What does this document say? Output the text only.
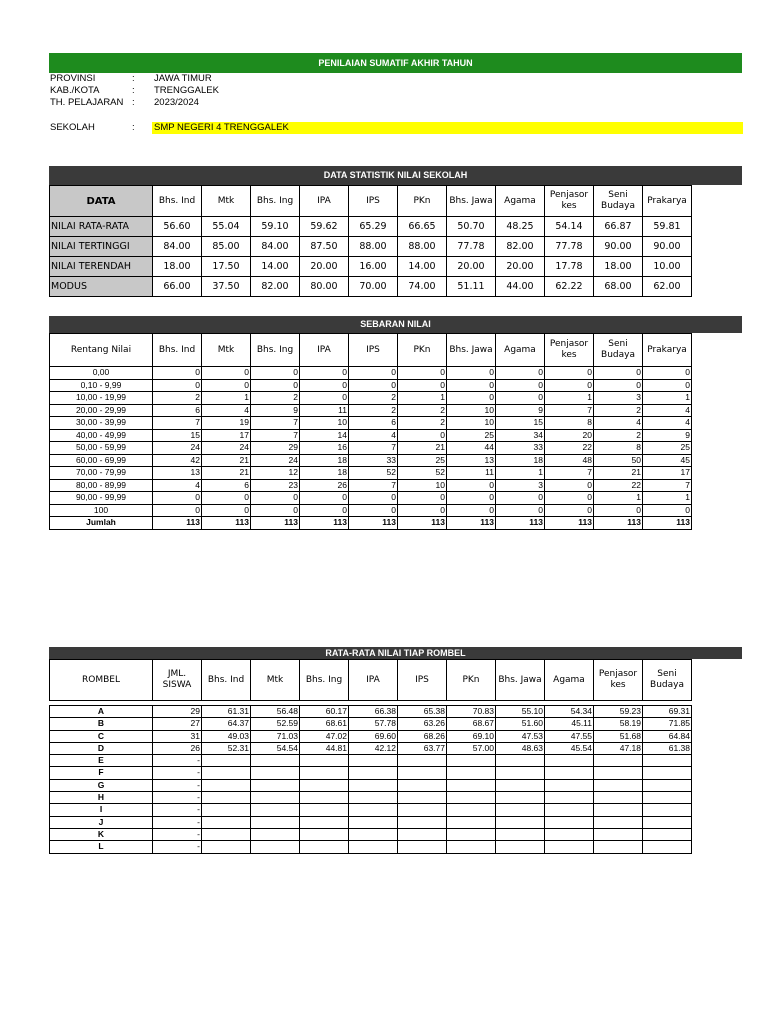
PENILAIAN SUMATIF AKHIR TAHUN
PROVINSI	: JAWA TIMUR
KAB./KOTA	: TRENGGALEK
TH. PELAJARAN : 2023/2024
SEKOLAH	: SMP NEGERI 4 TRENGGALEK
DATA STATISTIK NILAI SEKOLAH
DATA	Bhs. Ind	Mtk	Bhs. Ing	IPA	IPS	PKn	Bhs. Jawa	Agama	Penjasor kes	Seni Budaya	Prakarya
NILAI RATA-RATA	56.60	55.04	59.10	59.62	65.29	66.65	50.70	48.25	54.14	66.87	59.81
NILAI TERTINGGI	84.00	85.00	84.00	87.50	88.00	88.00	77.78	82.00	77.78	90.00	90.00
NILAI TERENDAH	18.00	17.50	14.00	20.00	16.00	14.00	20.00	20.00	17.78	18.00	10.00
MODUS	66.00	37.50	82.00	80.00	70.00	74.00	51.11	44.00	62.22	68.00	62.00
SEBARAN NILAI
Rentang Nilai	Bhs. Ind	Mtk	Bhs. Ing	IPA	IPS	PKn	Bhs. Jawa	Agama	Penjasor kes	Seni Budaya	Prakarya
0,00	0	0	0	0	0	0	0	0	0	0	0
0,10 - 9,99	0	0	0	0	0	0	0	0	0	0	0
10,00 - 19,99	2	1	2	0	2	1	0	0	1	3	1
20,00 - 29,99	6	4	9	11	2	2	10	9	7	2	4
30,00 - 39,99	7	19	7	10	6	2	10	15	8	4	4
40,00 - 49,99	15	17	7	14	4	0	25	34	20	2	9
50,00 - 59,99	24	24	29	16	7	21	44	33	22	8	25
60,00 - 69,99	42	21	24	18	33	25	13	18	48	50	45
70,00 - 79,99	13	21	12	18	52	52	11	1	7	21	17
80,00 - 89,99	4	6	23	26	7	10	0	3	0	22	7
90,00 - 99,99	0	0	0	0	0	0	0	0	0	1	1
100	0	0	0	0	0	0	0	0	0	0	0
Jumlah	113	113	113	113	113	113	113	113	113	113	113
RATA-RATA NILAI TIAP ROMBEL
ROMBEL	JML. SISWA	Bhs. Ind	Mtk	Bhs. Ing	IPA	IPS	PKn	Bhs. Jawa	Agama	Penjasor kes	Seni Budaya

A	29	61.31	56.48	60.17	66.38	65.38	70.83	55.10	54.34	59.23	69.31
B	27	64.37	52.59	68.61	57.78	63.26	68.67	51.60	45.11	58.19	71.85
C	31	49.03	71.03	47.02	69.60	68.26	69.10	47.53	47.55	51.68	64.84
D	26	52.31	54.54	44.81	42.12	63.77	57.00	48.63	45.54	47.18	61.38
E	-										
F	-										
G	-										
H	-										
I	-										
J	-										
K	-										
L	-										
